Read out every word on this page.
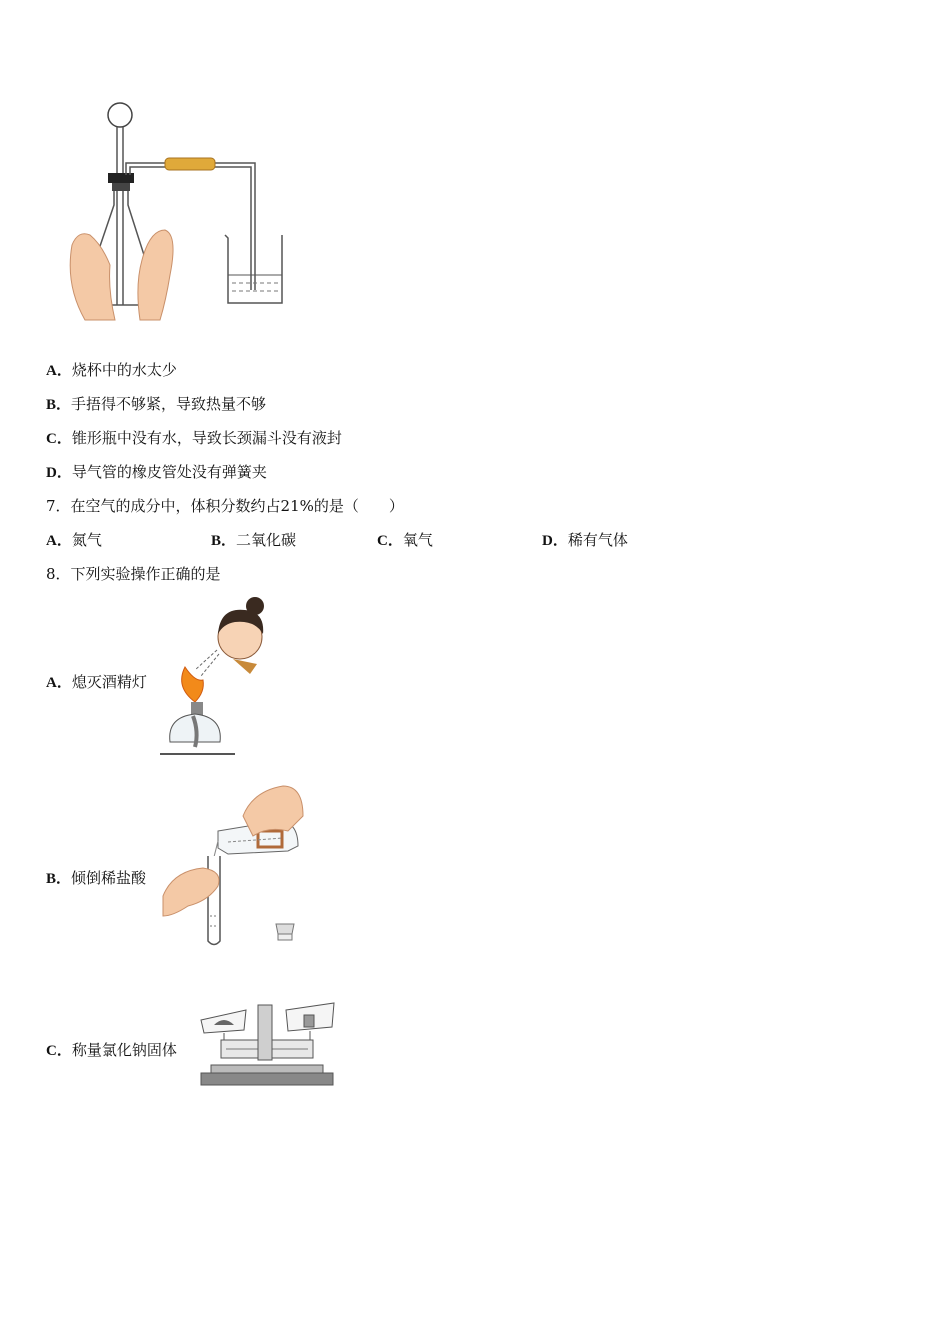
A．烧杯中的水太少
B．手捂得不够紧，导致热量不够
C．锥形瓶中没有水，导致长颈漏斗没有液封
D．导气管的橡皮管处没有弹簧夹
7．在空气的成分中，体积分数约占21%的是（　　）
A．氮气	B．二氧化碳	C．氧气	D．稀有气体
8．下列实验操作正确的是
A．熄灭酒精灯
B．倾倒稀盐酸
C．称量氯化钠固体
